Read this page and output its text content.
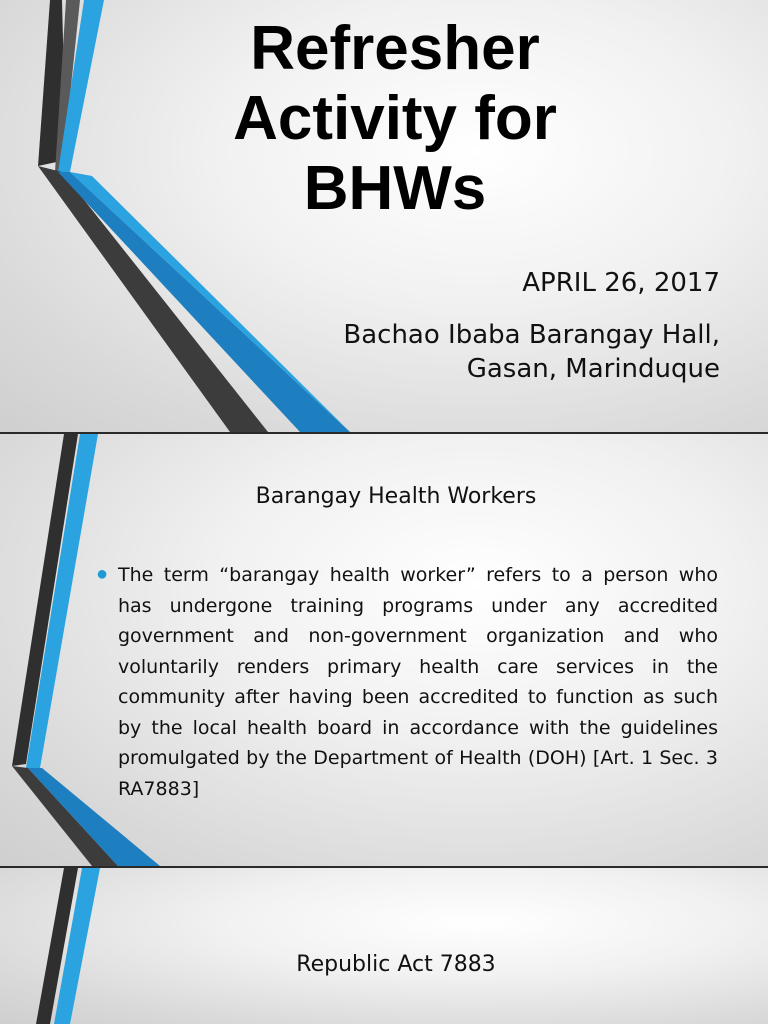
Refresher Activity for BHWs

APRIL 26, 2017

Bachao Ibaba Barangay Hall, Gasan, Marinduque

Barangay Health Workers
● The term “barangay health worker” refers to a person who has undergone training programs under any accredited government and non-government organization and who voluntarily renders primary health care services in the community after having been accredited to function as such by the local health board in accordance with the guidelines promulgated by the Department of Health (DOH) [Art. 1 Sec. 3 RA7883]

Republic Act 7883
